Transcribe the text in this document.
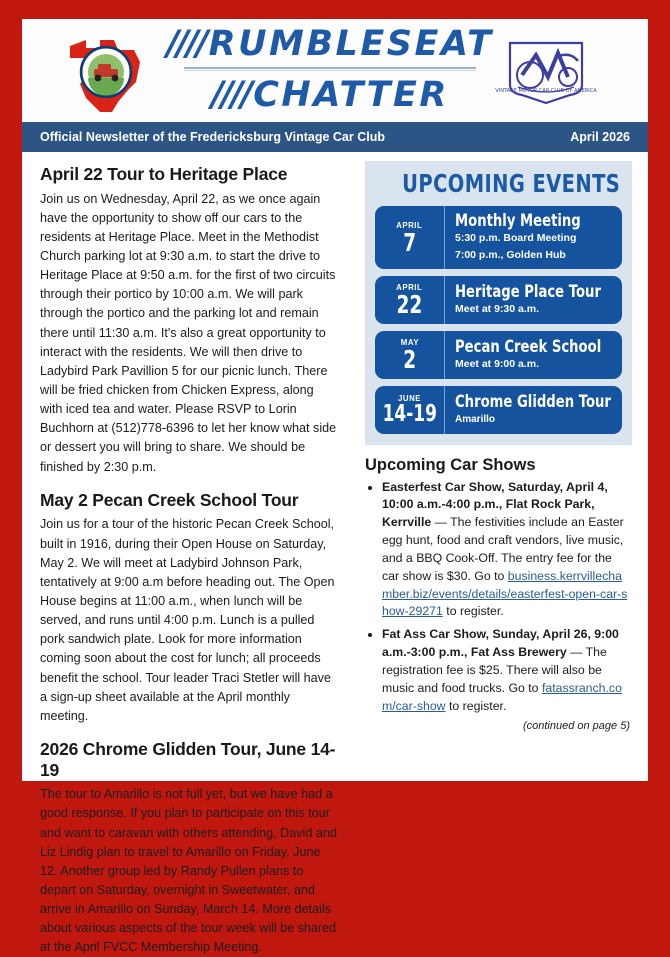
////RUMBLESEAT
////CHATTER	VINTAGE MOTOR CAR CLUB OF AMERICA
Official Newsletter of the Fredericksburg Vintage Car Club	April 2026
April 22 Tour to Heritage Place

Join us on Wednesday, April 22, as we once again have the opportunity to show off our cars to the residents at Heritage Place. Meet in the Methodist Church parking lot at 9:30 a.m. to start the drive to Heritage Place at 9:50 a.m. for the first of two circuits through their portico by 10:00 a.m. We will park through the portico and the parking lot and remain there until 11:30 a.m. It's also a great opportunity to interact with the residents. We will then drive to Ladybird Park Pavillion 5 for our picnic lunch. There will be fried chicken from Chicken Express, along with iced tea and water. Please RSVP to Lorin Buchhorn at (512)778-6396 to let her know what side or dessert you will bring to share. We should be finished by 2:30 p.m.

May 2 Pecan Creek School Tour

Join us for a tour of the historic Pecan Creek School, built in 1916, during their Open House on Saturday, May 2. We will meet at Ladybird Johnson Park, tentatively at 9:00 a.m before heading out. The Open House begins at 11:00 a.m., when lunch will be served, and runs until 4:00 p.m. Lunch is a pulled pork sandwich plate. Look for more information coming soon about the cost for lunch; all proceeds benefit the school. Tour leader Traci Stetler will have a sign-up sheet available at the April monthly meeting.

2026 Chrome Glidden Tour, June 14-19

The tour to Amarillo is not full yet, but we have had a good response. If you plan to participate on this tour and want to caravan with others attending, David and Liz Lindig plan to travel to Amarillo on Friday, June 12. Another group led by Randy Pullen plans to depart on Saturday, overnight in Sweetwater, and arrive in Amarillo on Sunday, March 14. More details about various aspects of the tour week will be shared at the April FVCC Membership Meeting.

UPCOMING EVENTS
APRIL
7
Monthly Meeting
5:30 p.m. Board Meeting
7:00 p.m., Golden Hub
APRIL
22 Heritage Place Tour
Meet at 9:30 a.m.
MAY
2 Pecan Creek School
Meet at 9:00 a.m.
JUNE
14-19 Chrome Glidden Tour
Amarillo
Upcoming Car Shows
• Easterfest Car Show, Saturday, April 4, 10:00 a.m.-4:00 p.m., Flat Rock Park, Kerrville — The festivities include an Easter egg hunt, food and craft vendors, live music, and a BBQ Cook-Off. The entry fee for the car show is $30. Go to business.kerrvillechamber.biz/events/details/easterfest-open-car-show-29271 to register.
• Fat Ass Car Show, Sunday, April 26, 9:00 a.m.-3:00 p.m., Fat Ass Brewery — The registration fee is $25. There will also be music and food trucks. Go to fatassranch.com/car-show to register.
(continued on page 5)
